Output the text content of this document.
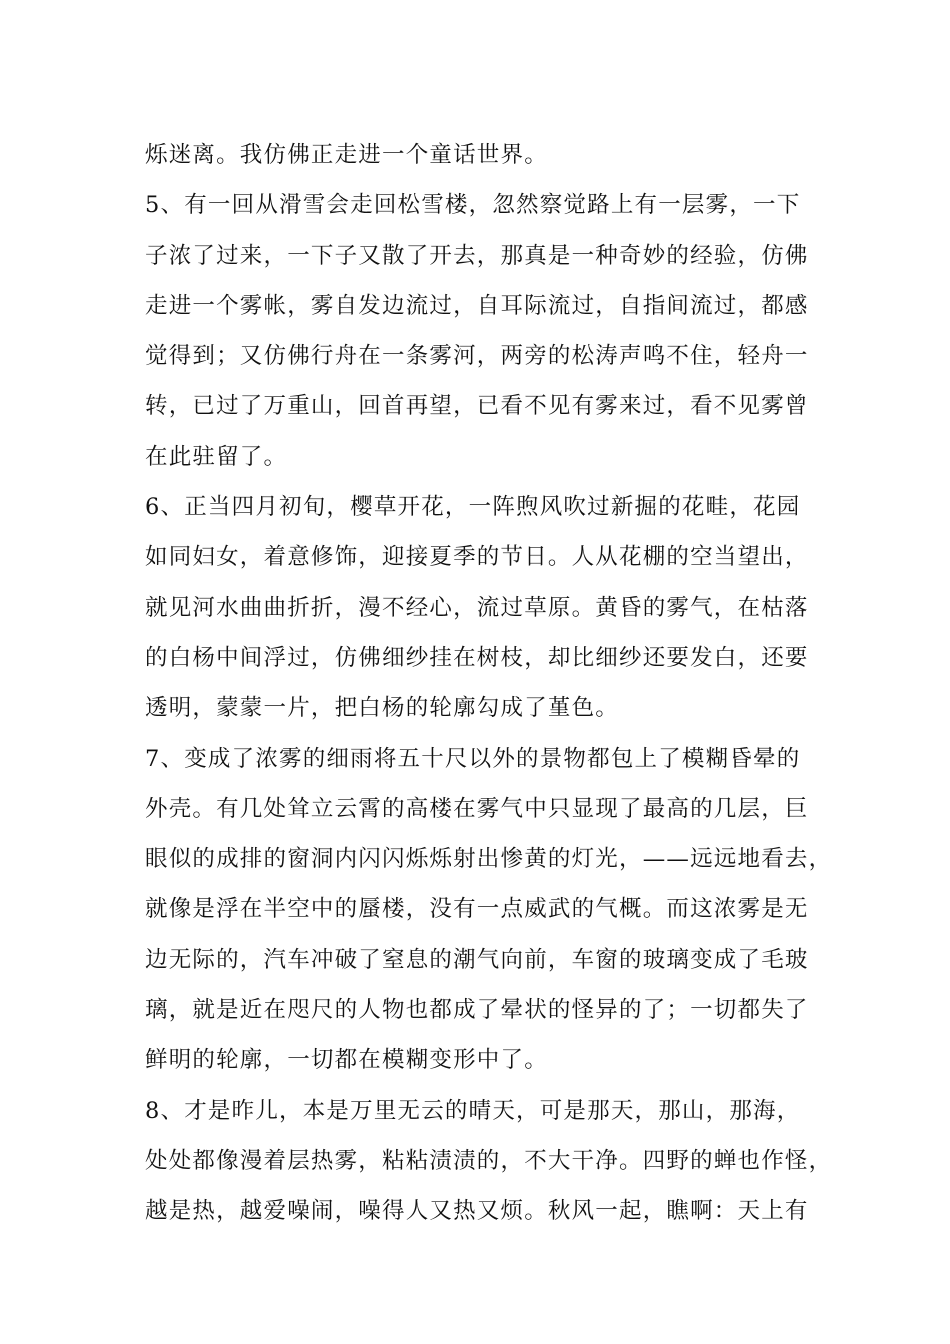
烁迷离。我仿佛正走进一个童话世界。
5、有一回从滑雪会走回松雪楼，忽然察觉路上有一层雾，一下
子浓了过来，一下子又散了开去，那真是一种奇妙的经验，仿佛
走进一个雾帐，雾自发边流过，自耳际流过，自指间流过，都感
觉得到；又仿佛行舟在一条雾河，两旁的松涛声鸣不住，轻舟一
转，已过了万重山，回首再望，已看不见有雾来过，看不见雾曾
在此驻留了。
6、正当四月初旬，樱草开花，一阵煦风吹过新掘的花畦，花园
如同妇女，着意修饰，迎接夏季的节日。人从花棚的空当望出，
就见河水曲曲折折，漫不经心，流过草原。黄昏的雾气，在枯落
的白杨中间浮过，仿佛细纱挂在树枝，却比细纱还要发白，还要
透明，蒙蒙一片，把白杨的轮廓勾成了堇色。
7、变成了浓雾的细雨将五十尺以外的景物都包上了模糊昏晕的
外壳。有几处耸立云霄的高楼在雾气中只显现了最高的几层，巨
眼似的成排的窗洞内闪闪烁烁射出惨黄的灯光，——远远地看去，
就像是浮在半空中的蜃楼，没有一点威武的气概。而这浓雾是无
边无际的，汽车冲破了窒息的潮气向前，车窗的玻璃变成了毛玻
璃，就是近在咫尺的人物也都成了晕状的怪异的了；一切都失了
鲜明的轮廓，一切都在模糊变形中了。
8、才是昨儿，本是万里无云的晴天，可是那天，那山，那海，
处处都像漫着层热雾，粘粘渍渍的，不大干净。四野的蝉也作怪，
越是热，越爱噪闹，噪得人又热又烦。秋风一起，瞧啊：天上有
